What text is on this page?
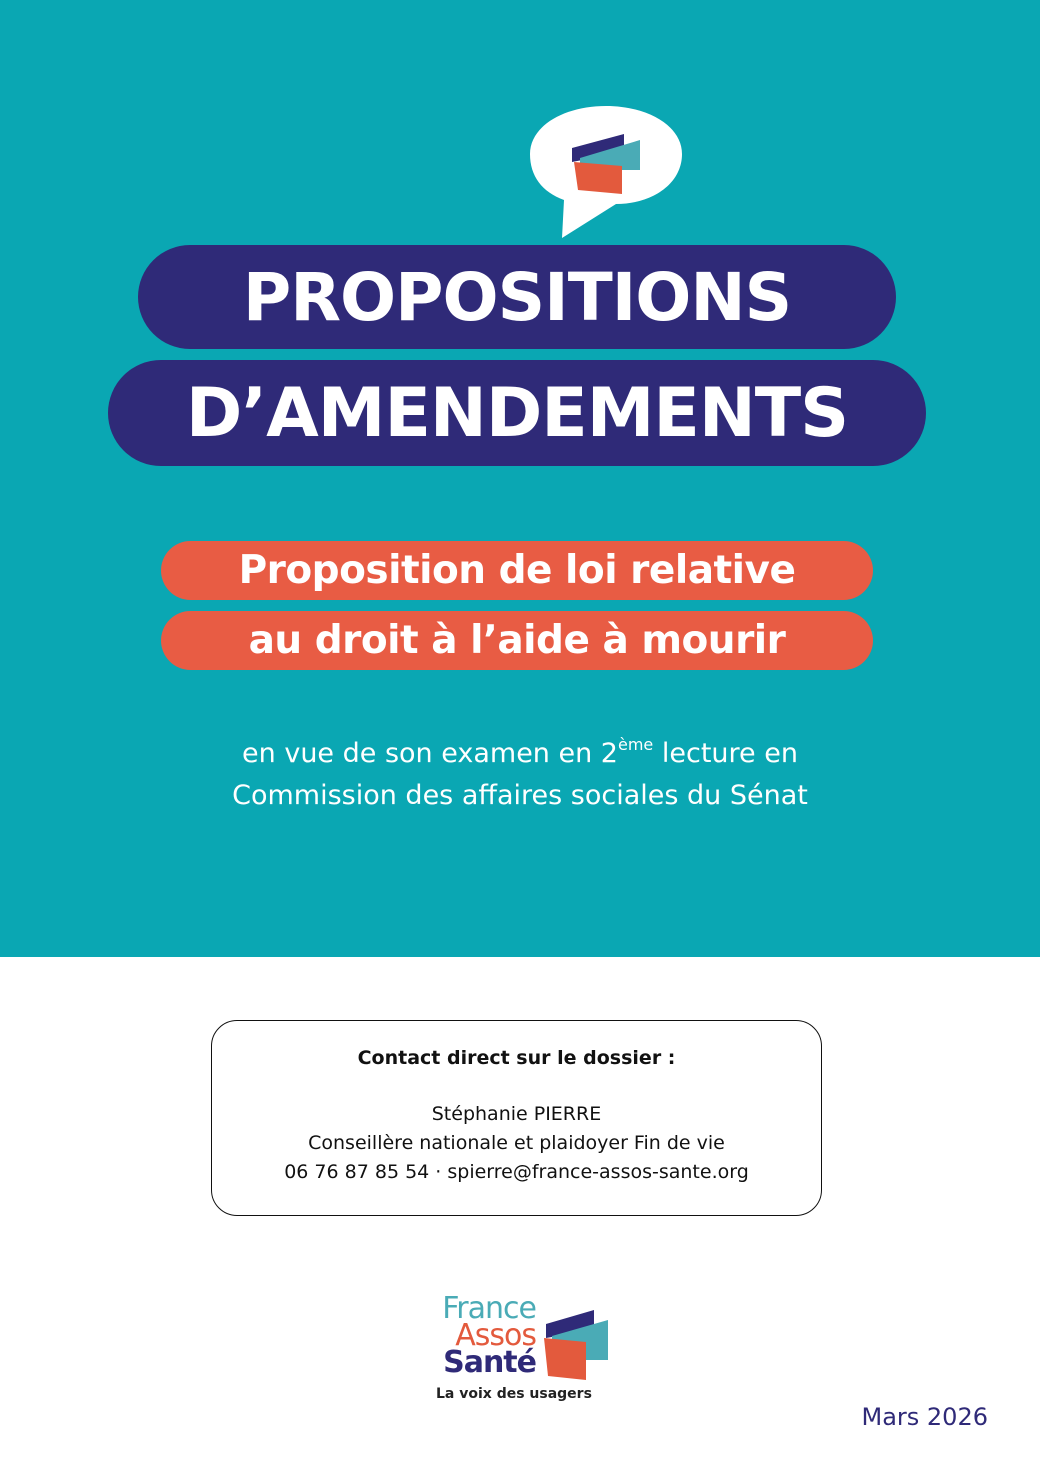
PROPOSITIONS
D’AMENDEMENTS
Proposition de loi relative
au droit à l’aide à mourir
en vue de son examen en 2ème lecture en
Commission des affaires sociales du Sénat
Contact direct sur le dossier :
Stéphanie PIERRE
Conseillère nationale et plaidoyer Fin de vie
06 76 87 85 54 · spierre@france-assos-sante.org
France
Assos
Santé
La voix des usagers
Mars 2026
